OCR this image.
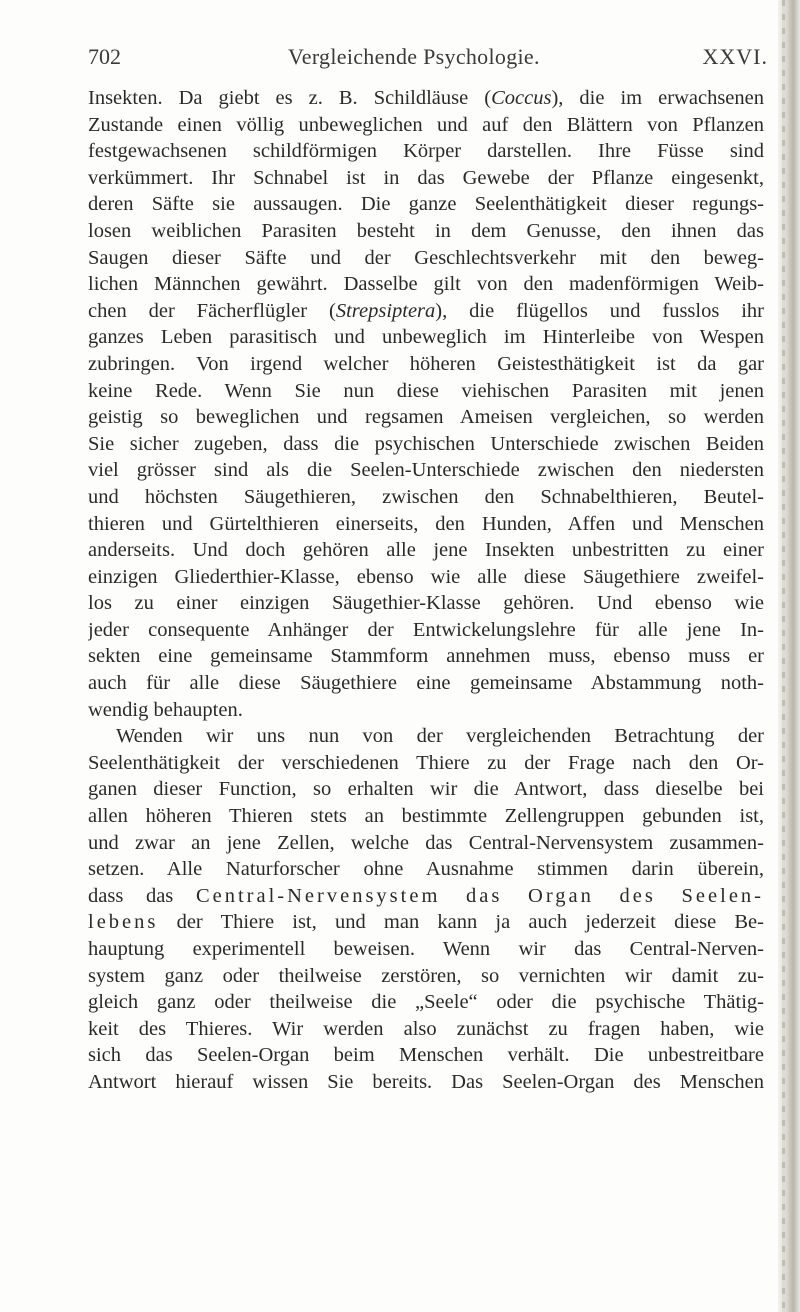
702	Vergleichende Psychologie.	XXVI.
Insekten. Da giebt es z. B. Schildläuse (Coccus), die im erwachsenen
Zustande einen völlig unbeweglichen und auf den Blättern von Pflanzen
festgewachsenen schildförmigen Körper darstellen. Ihre Füsse sind
verkümmert. Ihr Schnabel ist in das Gewebe der Pflanze eingesenkt,
deren Säfte sie aussaugen. Die ganze Seelenthätigkeit dieser regungs-
losen weiblichen Parasiten besteht in dem Genusse, den ihnen das
Saugen dieser Säfte und der Geschlechtsverkehr mit den beweg-
lichen Männchen gewährt. Dasselbe gilt von den madenförmigen Weib-
chen der Fächerflügler (Strepsiptera), die flügellos und fusslos ihr
ganzes Leben parasitisch und unbeweglich im Hinterleibe von Wespen
zubringen. Von irgend welcher höheren Geistesthätigkeit ist da gar
keine Rede. Wenn Sie nun diese viehischen Parasiten mit jenen
geistig so beweglichen und regsamen Ameisen vergleichen, so werden
Sie sicher zugeben, dass die psychischen Unterschiede zwischen Beiden
viel grösser sind als die Seelen-Unterschiede zwischen den niedersten
und höchsten Säugethieren, zwischen den Schnabelthieren, Beutel-
thieren und Gürtelthieren einerseits, den Hunden, Affen und Menschen
anderseits. Und doch gehören alle jene Insekten unbestritten zu einer
einzigen Gliederthier-Klasse, ebenso wie alle diese Säugethiere zweifel-
los zu einer einzigen Säugethier-Klasse gehören. Und ebenso wie
jeder consequente Anhänger der Entwickelungslehre für alle jene In-
sekten eine gemeinsame Stammform annehmen muss, ebenso muss er
auch für alle diese Säugethiere eine gemeinsame Abstammung noth-
wendig behaupten.
Wenden wir uns nun von der vergleichenden Betrachtung der
Seelenthätigkeit der verschiedenen Thiere zu der Frage nach den Or-
ganen dieser Function, so erhalten wir die Antwort, dass dieselbe bei
allen höheren Thieren stets an bestimmte Zellengruppen gebunden ist,
und zwar an jene Zellen, welche das Central-Nervensystem zusammen-
setzen. Alle Naturforscher ohne Ausnahme stimmen darin überein,
dass das Central-Nervensystem das Organ des Seelen-
lebens der Thiere ist, und man kann ja auch jederzeit diese Be-
hauptung experimentell beweisen. Wenn wir das Central-Nerven-
system ganz oder theilweise zerstören, so vernichten wir damit zu-
gleich ganz oder theilweise die „Seele“ oder die psychische Thätig-
keit des Thieres. Wir werden also zunächst zu fragen haben, wie
sich das Seelen-Organ beim Menschen verhält. Die unbestreitbare
Antwort hierauf wissen Sie bereits. Das Seelen-Organ des Menschen
